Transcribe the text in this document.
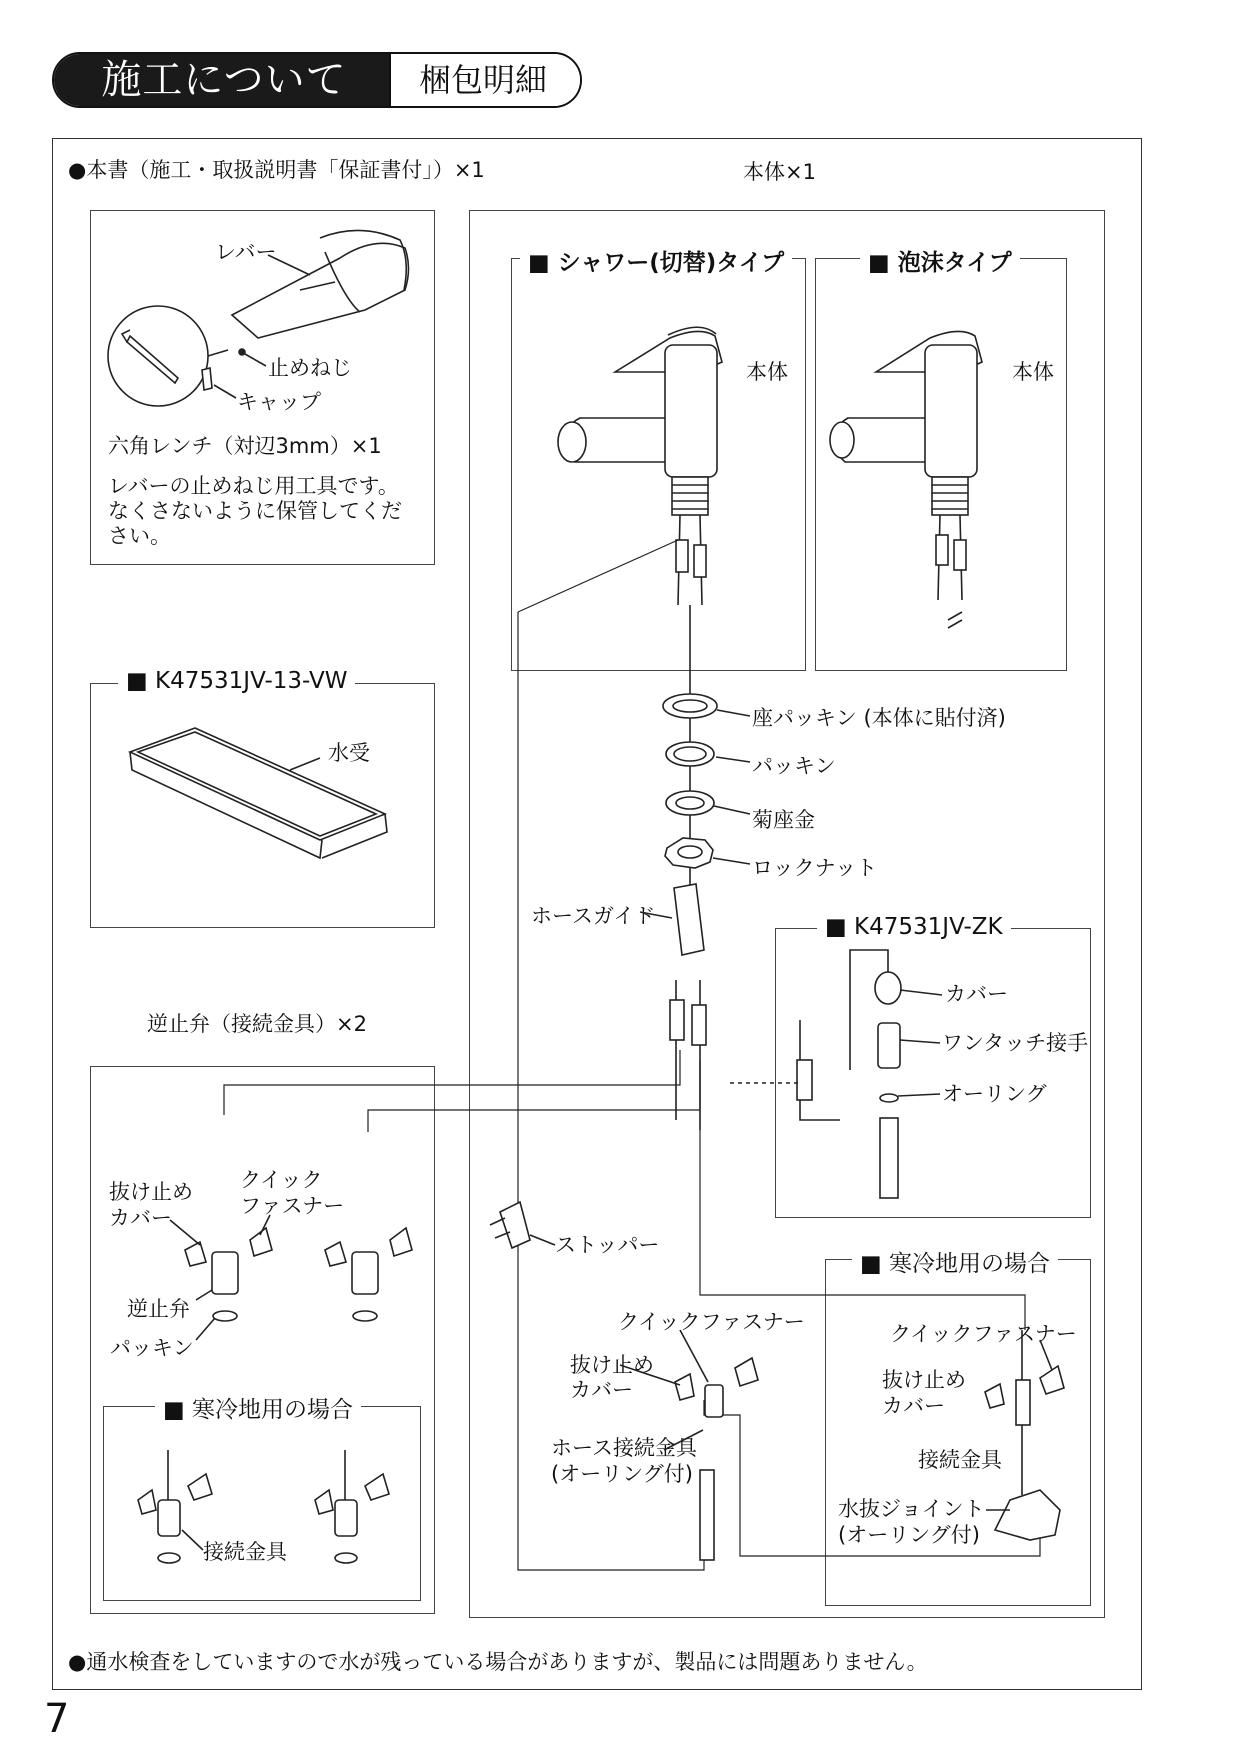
施工について	梱包明細
●本書（施工・取扱説明書「保証書付」）×1
レバー
止めねじ
キャップ
六角レンチ（対辺3mm）×1
レバーの止めねじ用工具です。
なくさないように保管してくだ
さい。
■ K47531JV-13-VW
水受
逆止弁（接続金具）×2
抜け止め
カバー
クイック
ファスナー
逆止弁
パッキン
■ 寒冷地用の場合
接続金具
本体×1
■ シャワー(切替)タイプ	■ 泡沫タイプ
本体	本体
座パッキン (本体に貼付済)
パッキン
菊座金
ロックナット
ホースガイド
ストッパー
クイックファスナー
抜け止め
カバー
ホース接続金具
(オーリング付)
■ K47531JV-ZK
カバー
ワンタッチ接手
オーリング
■ 寒冷地用の場合
クイックファスナー
抜け止め
カバー
接続金具
水抜ジョイント
(オーリング付)
●通水検査をしていますので水が残っている場合がありますが、製品には問題ありません。
7
